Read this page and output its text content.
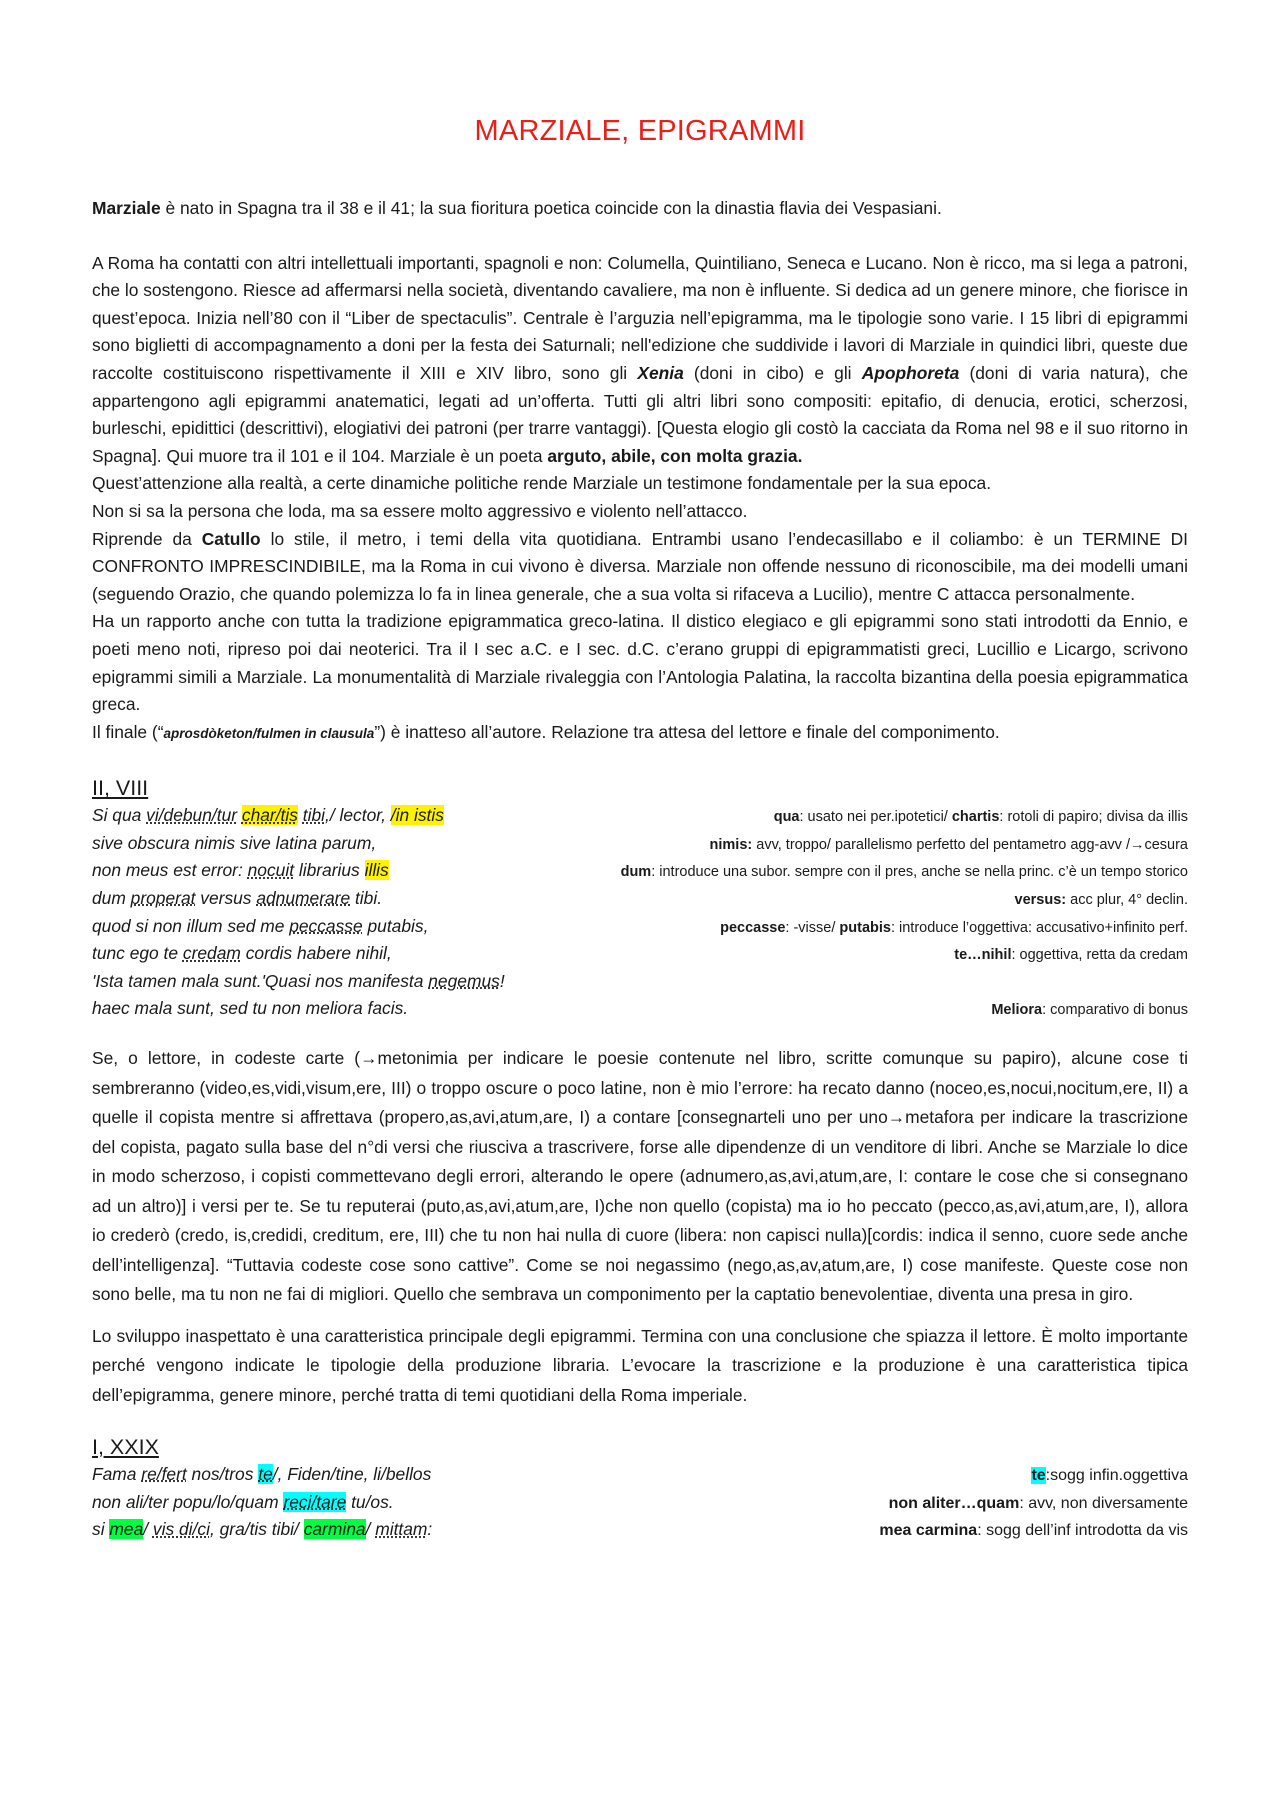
MARZIALE, EPIGRAMMI

Marziale è nato in Spagna tra il 38 e il 41; la sua fioritura poetica coincide con la dinastia flavia dei Vespasiani.

A Roma ha contatti con altri intellettuali importanti, spagnoli e non: Columella, Quintiliano, Seneca e Lucano. Non è ricco, ma si lega a patroni, che lo sostengono. Riesce ad affermarsi nella società, diventando cavaliere, ma non è influente. Si dedica ad un genere minore, che fiorisce in quest’epoca. Inizia nell’80 con il “Liber de spectaculis”. Centrale è l’arguzia nell’epigramma, ma le tipologie sono varie. I 15 libri di epigrammi sono biglietti di accompagnamento a doni per la festa dei Saturnali; nell'edizione che suddivide i lavori di Marziale in quindici libri, queste due raccolte costituiscono rispettivamente il XIII e XIV libro, sono gli Xenia (doni in cibo) e gli Apophoreta (doni di varia natura), che appartengono agli epigrammi anatematici, legati ad un’offerta. Tutti gli altri libri sono compositi: epitafio, di denucia, erotici, scherzosi, burleschi, epidittici (descrittivi), elogiativi dei patroni (per trarre vantaggi). [Questa elogio gli costò la cacciata da Roma nel 98 e il suo ritorno in Spagna]. Qui muore tra il 101 e il 104. Marziale è un poeta arguto, abile, con molta grazia.

Quest’attenzione alla realtà, a certe dinamiche politiche rende Marziale un testimone fondamentale per la sua epoca.

Non si sa la persona che loda, ma sa essere molto aggressivo e violento nell’attacco.

Riprende da Catullo lo stile, il metro, i temi della vita quotidiana. Entrambi usano l’endecasillabo e il coliambo: è un TERMINE DI CONFRONTO IMPRESCINDIBILE, ma la Roma in cui vivono è diversa. Marziale non offende nessuno di riconoscibile, ma dei modelli umani (seguendo Orazio, che quando polemizza lo fa in linea generale, che a sua volta si rifaceva a Lucilio), mentre C attacca personalmente.

Ha un rapporto anche con tutta la tradizione epigrammatica greco-latina. Il distico elegiaco e gli epigrammi sono stati introdotti da Ennio, e poeti meno noti, ripreso poi dai neoterici. Tra il I sec a.C. e I sec. d.C. c’erano gruppi di epigrammatisti greci, Lucillio e Licargo, scrivono epigrammi simili a Marziale. La monumentalità di Marziale rivaleggia con l’Antologia Palatina, la raccolta bizantina della poesia epigrammatica greca.

Il finale (“aprosdòketon/fulmen in clausula”) è inatteso all’autore. Relazione tra attesa del lettore e finale del componimento.

II, VIII
Si qua vi/debun/tur char/tis tibi,/ lector, /in istis	qua: usato nei per.ipotetici/ chartis: rotoli di papiro; divisa da illis
sive obscura nimis sive latina parum,	nimis: avv, troppo/ parallelismo perfetto del pentametro agg-avv /→cesura
non meus est error: nocuit librarius illis	dum: introduce una subor. sempre con il pres, anche se nella princ. c’è un tempo storico
dum properat versus adnumerare tibi.	versus: acc plur, 4° declin.
quod si non illum sed me peccasse putabis,	peccasse: -visse/ putabis: introduce l’oggettiva: accusativo+infinito perf.
tunc ego te credam cordis habere nihil,	te…nihil: oggettiva, retta da credam
'Ista tamen mala sunt.'Quasi nos manifesta negemus!
haec mala sunt, sed tu non meliora facis.	Meliora: comparativo di bonus

Se, o lettore, in codeste carte (→metonimia per indicare le poesie contenute nel libro, scritte comunque su papiro), alcune cose ti sembreranno (video,es,vidi,visum,ere, III) o troppo oscure o poco latine, non è mio l’errore: ha recato danno (noceo,es,nocui,nocitum,ere, II) a quelle il copista mentre si affrettava (propero,as,avi,atum,are, I) a contare [consegnarteli uno per uno→metafora per indicare la trascrizione del copista, pagato sulla base del n°di versi che riusciva a trascrivere, forse alle dipendenze di un venditore di libri. Anche se Marziale lo dice in modo scherzoso, i copisti commettevano degli errori, alterando le opere (adnumero,as,avi,atum,are, I: contare le cose che si consegnano ad un altro)] i versi per te. Se tu reputerai (puto,as,avi,atum,are, I)che non quello (copista) ma io ho peccato (pecco,as,avi,atum,are, I), allora io crederò (credo, is,credidi, creditum, ere, III) che tu non hai nulla di cuore (libera: non capisci nulla)[cordis: indica il senno, cuore sede anche dell’intelligenza]. “Tuttavia codeste cose sono cattive”. Come se noi negassimo (nego,as,av,atum,are, I) cose manifeste. Queste cose non sono belle, ma tu non ne fai di migliori. Quello che sembrava un componimento per la captatio benevolentiae, diventa una presa in giro.

Lo sviluppo inaspettato è una caratteristica principale degli epigrammi. Termina con una conclusione che spiazza il lettore. È molto importante perché vengono indicate le tipologie della produzione libraria. L’evocare la trascrizione e la produzione è una caratteristica tipica dell’epigramma, genere minore, perché tratta di temi quotidiani della Roma imperiale.

I, XXIX
Fama re/fert nos/tros te/, Fiden/tine, li/bellos	te:sogg infin.oggettiva
non ali/ter popu/lo/quam reci/tare tu/os.	non aliter…quam: avv, non diversamente
si mea/ vis di/ci, gra/tis tibi/ carmina/ mittam:	mea carmina: sogg dell’inf introdotta da vis
